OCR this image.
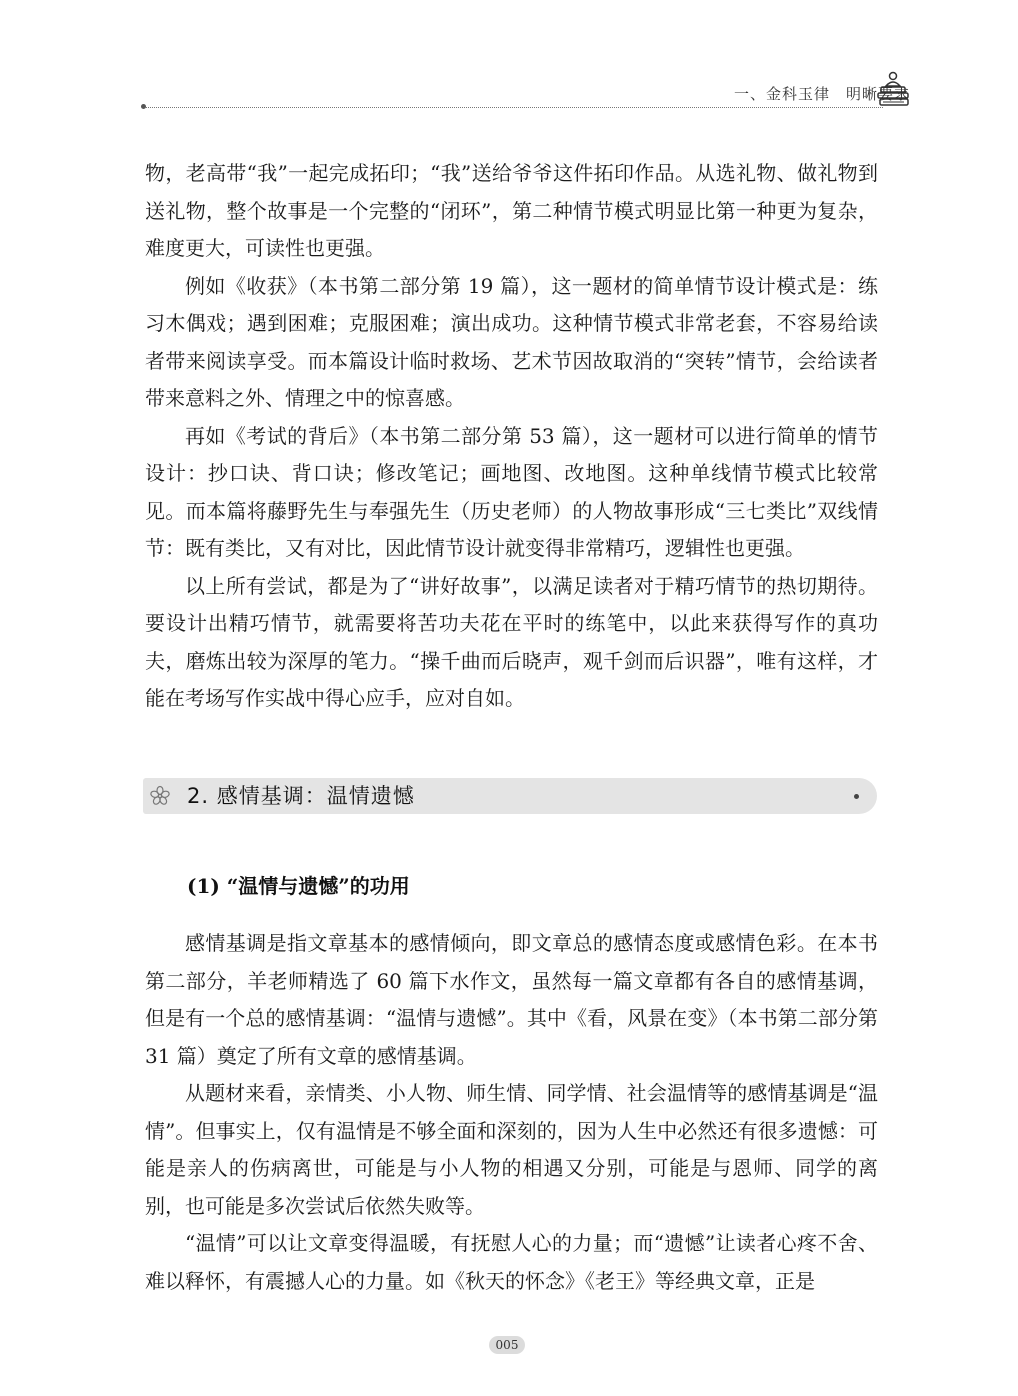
一、金科玉律　明晰要求

物，老高带“我”一起完成拓印；“我”送给爷爷这件拓印作品。从选礼物、做礼物到送礼物，整个故事是一个完整的“闭环”，第二种情节模式明显比第一种更为复杂，难度更大，可读性也更强。

例如《收获》（本书第二部分第 19 篇），这一题材的简单情节设计模式是：练习木偶戏；遇到困难；克服困难；演出成功。这种情节模式非常老套，不容易给读者带来阅读享受。而本篇设计临时救场、艺术节因故取消的“突转”情节，会给读者带来意料之外、情理之中的惊喜感。

再如《考试的背后》（本书第二部分第 53 篇），这一题材可以进行简单的情节设计：抄口诀、背口诀；修改笔记；画地图、改地图。这种单线情节模式比较常见。而本篇将藤野先生与奉强先生（历史老师）的人物故事形成“三七类比”双线情节：既有类比，又有对比，因此情节设计就变得非常精巧，逻辑性也更强。

以上所有尝试，都是为了“讲好故事”，以满足读者对于精巧情节的热切期待。要设计出精巧情节，就需要将苦功夫花在平时的练笔中，以此来获得写作的真功夫，磨炼出较为深厚的笔力。“操千曲而后晓声，观千剑而后识器”，唯有这样，才能在考场写作实战中得心应手，应对自如。

2. 感情基调：温情遗憾
(1) “温情与遗憾”的功用

感情基调是指文章基本的感情倾向，即文章总的感情态度或感情色彩。在本书第二部分，羊老师精选了 60 篇下水作文，虽然每一篇文章都有各自的感情基调，但是有一个总的感情基调：“温情与遗憾”。其中《看，风景在变》（本书第二部分第 31 篇）奠定了所有文章的感情基调。

从题材来看，亲情类、小人物、师生情、同学情、社会温情等的感情基调是“温情”。但事实上，仅有温情是不够全面和深刻的，因为人生中必然还有很多遗憾：可能是亲人的伤病离世，可能是与小人物的相遇又分别，可能是与恩师、同学的离别，也可能是多次尝试后依然失败等。

“温情”可以让文章变得温暖，有抚慰人心的力量；而“遗憾”让读者心疼不舍、难以释怀，有震撼人心的力量。如《秋天的怀念》《老王》等经典文章，正是

005
